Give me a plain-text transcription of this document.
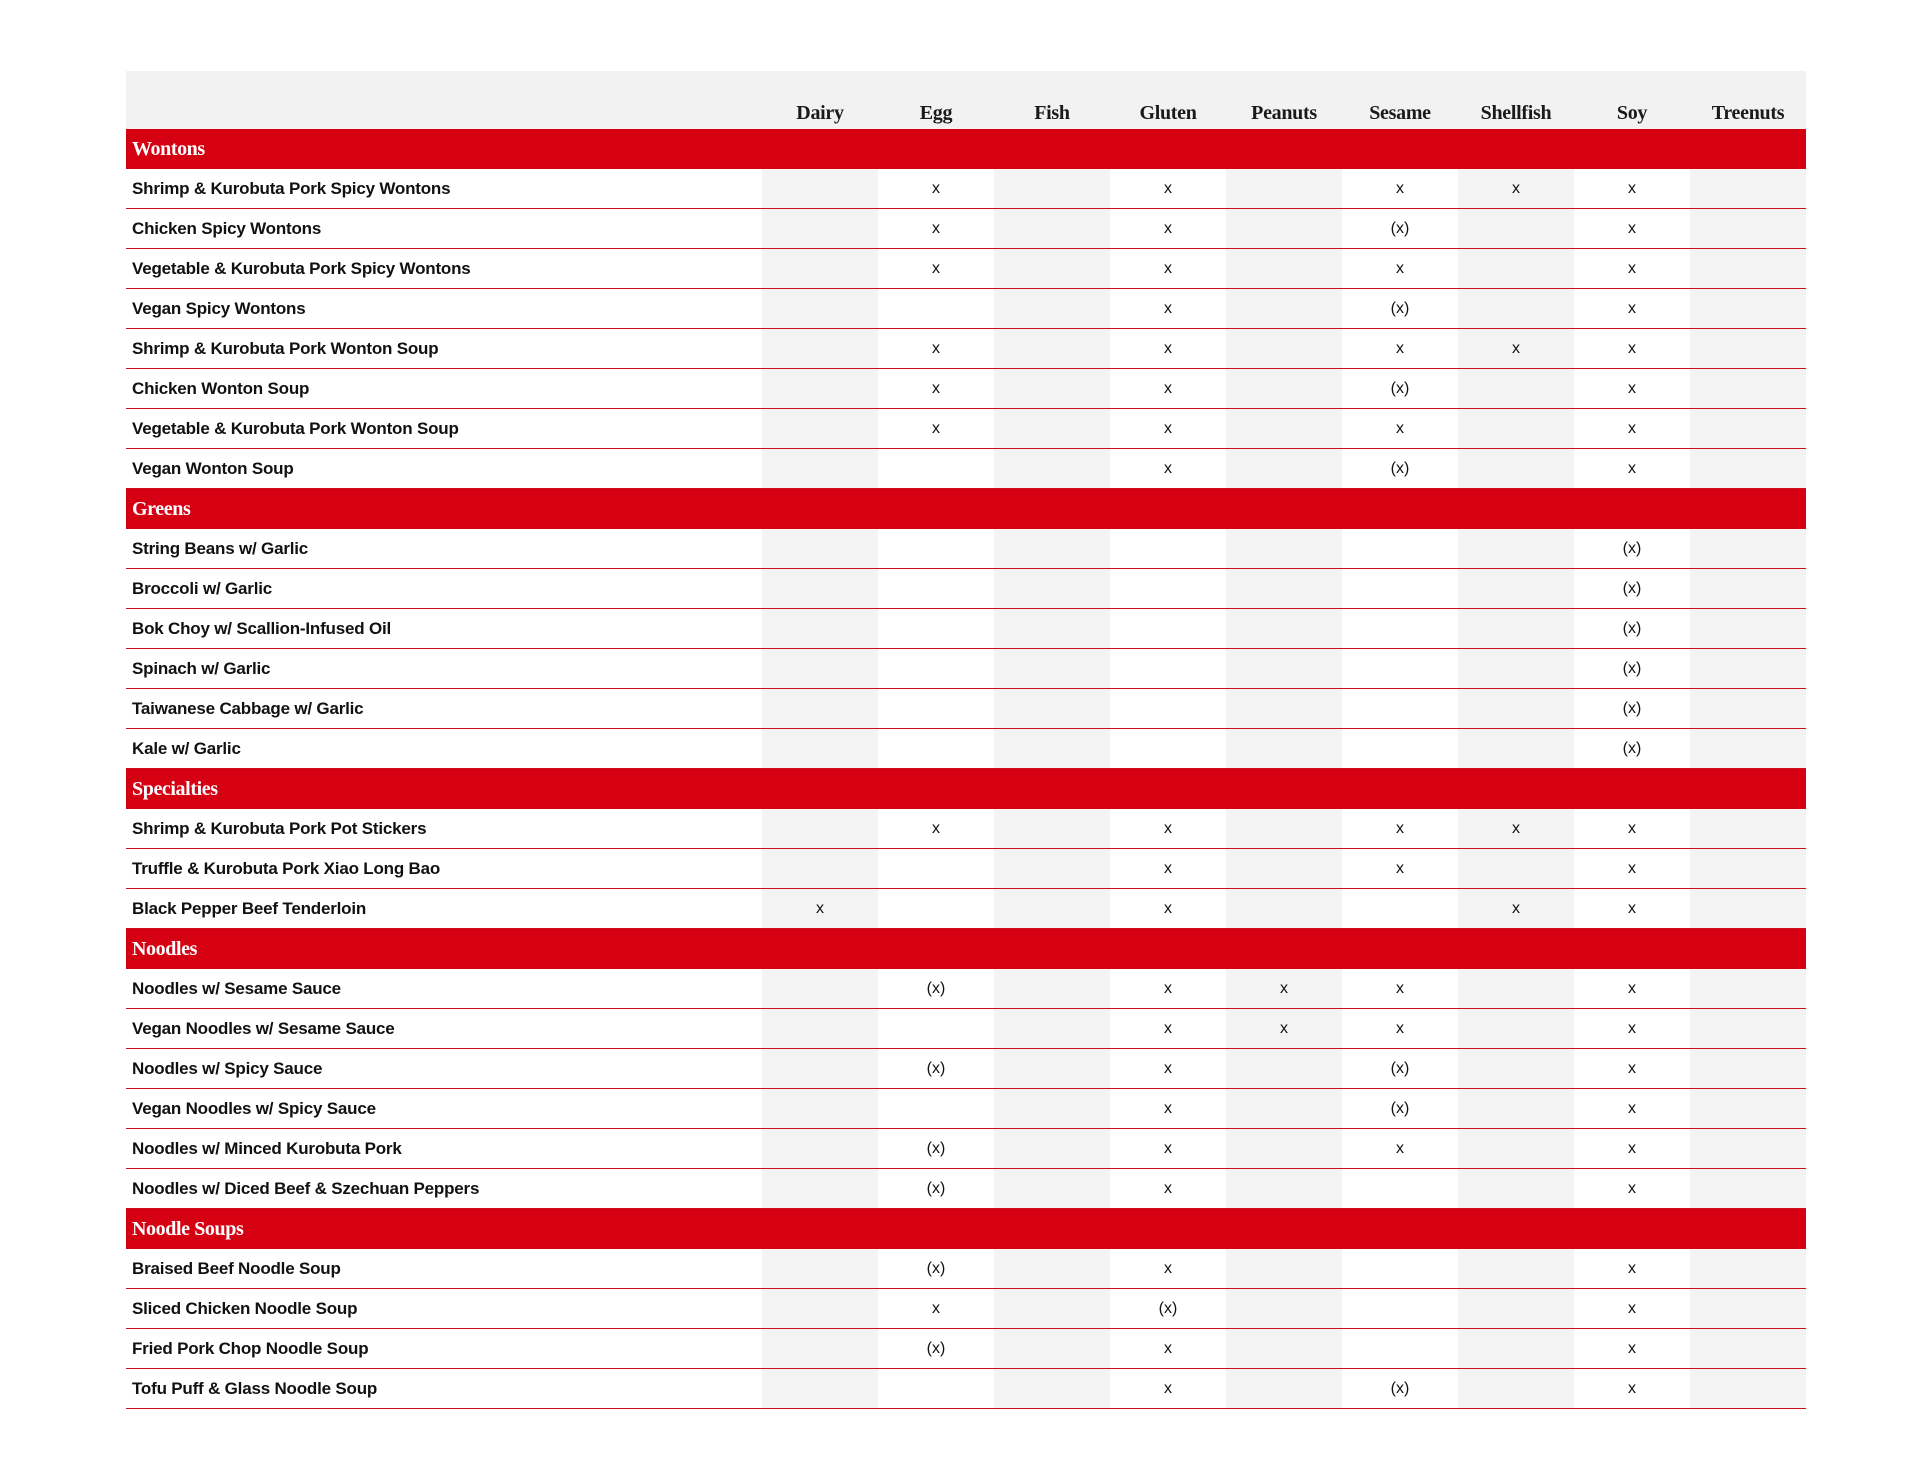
	Dairy	Egg	Fish	Gluten	Peanuts	Sesame	Shellfish	Soy	Treenuts
Wontons									
Shrimp & Kurobuta Pork Spicy Wontons		x		x		x	x	x	
Chicken Spicy Wontons		x		x		(x)		x	
Vegetable & Kurobuta Pork Spicy Wontons		x		x		x		x	
Vegan Spicy Wontons				x		(x)		x	
Shrimp & Kurobuta Pork Wonton Soup		x		x		x	x	x	
Chicken Wonton Soup		x		x		(x)		x	
Vegetable & Kurobuta Pork Wonton Soup		x		x		x		x	
Vegan Wonton Soup				x		(x)		x	
Greens									
String Beans w/ Garlic								(x)	
Broccoli w/ Garlic								(x)	
Bok Choy w/ Scallion-Infused Oil								(x)	
Spinach w/ Garlic								(x)	
Taiwanese Cabbage w/ Garlic								(x)	
Kale w/ Garlic								(x)	
Specialties									
Shrimp & Kurobuta Pork Pot Stickers		x		x		x	x	x	
Truffle & Kurobuta Pork Xiao Long Bao				x		x		x	
Black Pepper Beef Tenderloin	x			x			x	x	
Noodles									
Noodles w/ Sesame Sauce		(x)		x	x	x		x	
Vegan Noodles w/ Sesame Sauce				x	x	x		x	
Noodles w/ Spicy Sauce		(x)		x		(x)		x	
Vegan Noodles w/ Spicy Sauce				x		(x)		x	
Noodles w/ Minced Kurobuta Pork		(x)		x		x		x	
Noodles w/ Diced Beef & Szechuan Peppers		(x)		x				x	
Noodle Soups									
Braised Beef Noodle Soup		(x)		x				x	
Sliced Chicken Noodle Soup		x		(x)				x	
Fried Pork Chop Noodle Soup		(x)		x				x	
Tofu Puff & Glass Noodle Soup				x		(x)		x	
